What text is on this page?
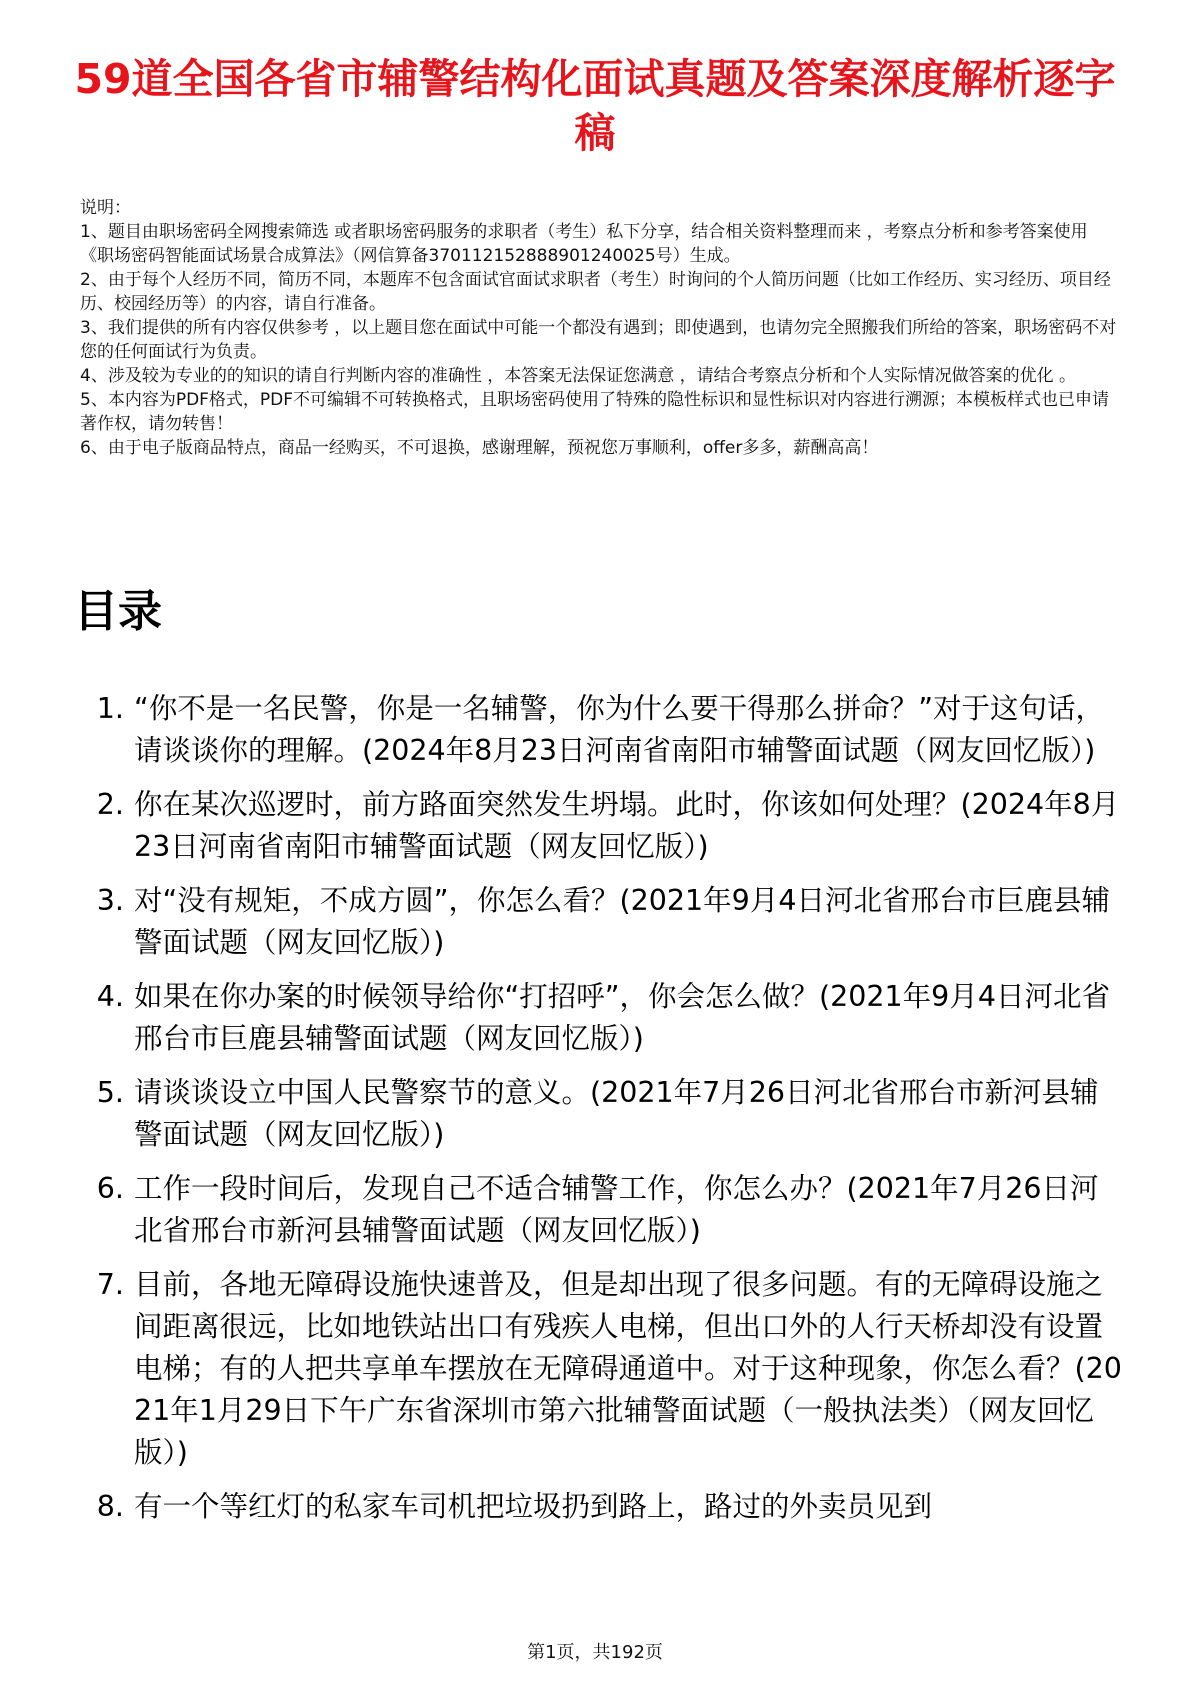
59道全国各省市辅警结构化面试真题及答案深度解析逐字稿

说明：

1、题目由职场密码全网搜索筛选 或者职场密码服务的求职者（考生）私下分享，结合相关资料整理而来 ，考察点分析和参考答案使用《职场密码智能面试场景合成算法》（网信算备370112152888901240025号）生成。

2、由于每个人经历不同，简历不同，本题库不包含面试官面试求职者（考生）时询问的个人简历问题（比如工作经历、实习经历、项目经历、校园经历等）的内容，请自行准备。

3、我们提供的所有内容仅供参考 ，以上题目您在面试中可能一个都没有遇到；即使遇到，也请勿完全照搬我们所给的答案，职场密码不对您的任何面试行为负责。

4、涉及较为专业的的知识的请自行判断内容的准确性 ，本答案无法保证您满意 ，请结合考察点分析和个人实际情况做答案的优化 。

5、本内容为PDF格式，PDF不可编辑不可转换格式，且职场密码使用了特殊的隐性标识和显性标识对内容进行溯源；本模板样式也已申请著作权，请勿转售！

6、由于电子版商品特点，商品一经购买，不可退换，感谢理解，预祝您万事顺利，offer多多，薪酬高高！

目录
1. “你不是一名民警，你是一名辅警，你为什么要干得那么拼命？”对于这句话，请谈谈你的理解。(2024年8月23日河南省南阳市辅警面试题（网友回忆版）)
2. 你在某次巡逻时，前方路面突然发生坍塌。此时，你该如何处理？(2024年8月23日河南省南阳市辅警面试题（网友回忆版）)
3. 对“没有规矩，不成方圆”，你怎么看？(2021年9月4日河北省邢台市巨鹿县辅警面试题（网友回忆版）)
4. 如果在你办案的时候领导给你“打招呼”，你会怎么做？(2021年9月4日河北省邢台市巨鹿县辅警面试题（网友回忆版）)
5. 请谈谈设立中国人民警察节的意义。(2021年7月26日河北省邢台市新河县辅警面试题（网友回忆版）)
6. 工作一段时间后，发现自己不适合辅警工作，你怎么办？(2021年7月26日河北省邢台市新河县辅警面试题（网友回忆版）)
7. 目前，各地无障碍设施快速普及，但是却出现了很多问题。有的无障碍设施之间距离很远，比如地铁站出口有残疾人电梯，但出口外的人行天桥却没有设置电梯；有的人把共享单车摆放在无障碍通道中。对于这种现象，你怎么看？(2021年1月29日下午广东省深圳市第六批辅警面试题（一般执法类）（网友回忆版）)
8. 有一个等红灯的私家车司机把垃圾扔到路上，路过的外卖员见到
第1页，共192页
